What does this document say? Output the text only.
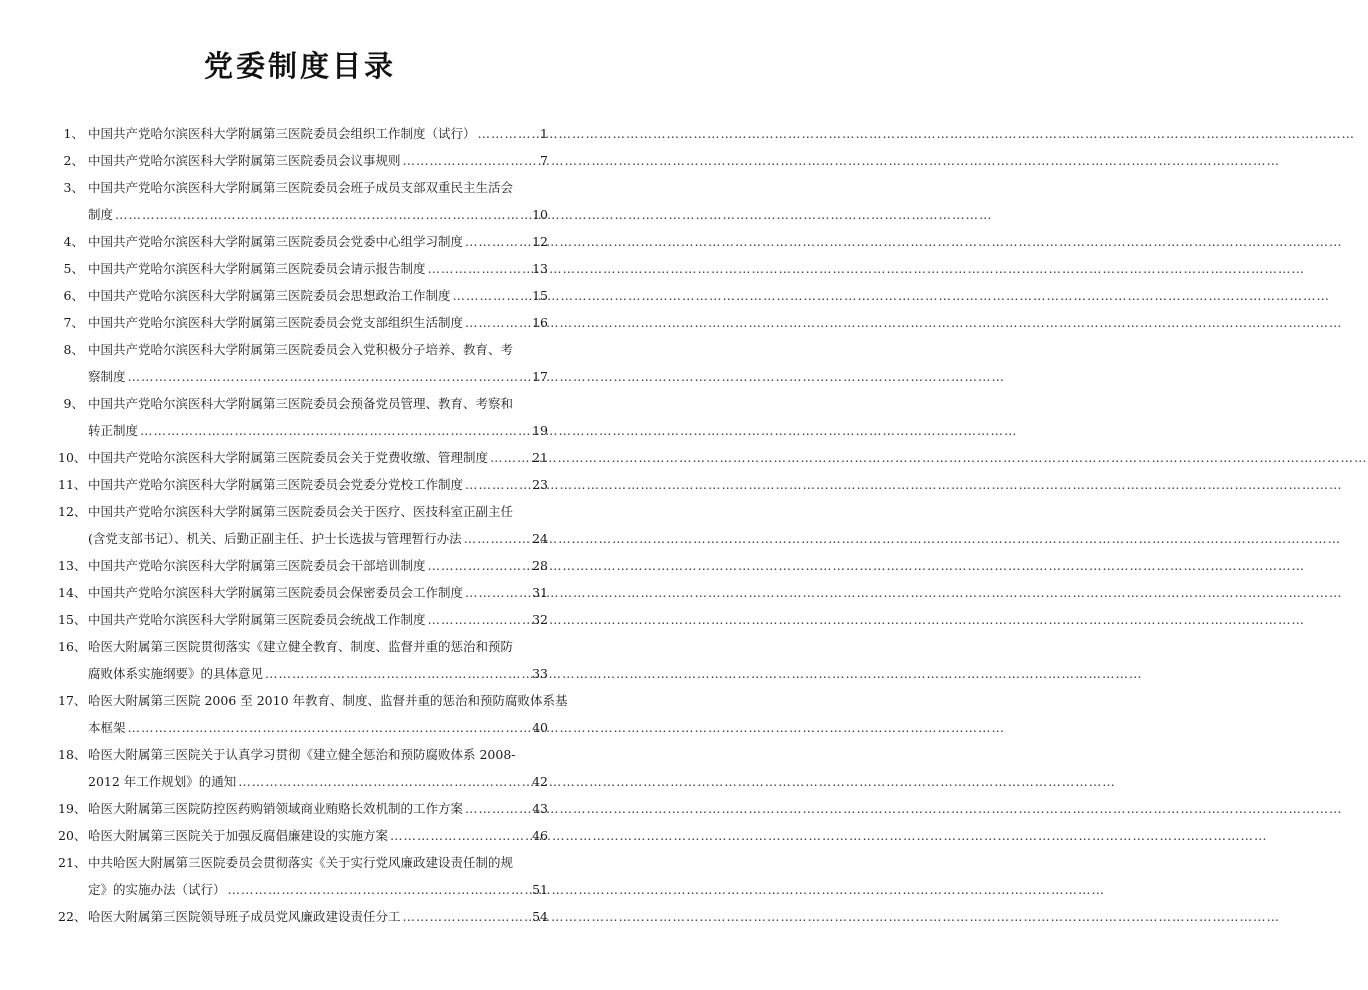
党委制度目录
1、 中国共产党哈尔滨医科大学附属第三医院委员会组织工作制度（试行） ……………………………………………………………………………………………………………………………………………………………………………	1
2、 中国共产党哈尔滨医科大学附属第三医院委员会议事规则 ……………………………………………………………………………………………………………………………………………………………………………	7
3、 中国共产党哈尔滨医科大学附属第三医院委员会班子成员支部双重民主生活会
制度 ……………………………………………………………………………………………………………………………………………………………………………	10
4、 中国共产党哈尔滨医科大学附属第三医院委员会党委中心组学习制度 ……………………………………………………………………………………………………………………………………………………………………………	12
5、 中国共产党哈尔滨医科大学附属第三医院委员会请示报告制度 ……………………………………………………………………………………………………………………………………………………………………………	13
6、 中国共产党哈尔滨医科大学附属第三医院委员会思想政治工作制度 ……………………………………………………………………………………………………………………………………………………………………………	15
7、 中国共产党哈尔滨医科大学附属第三医院委员会党支部组织生活制度 ……………………………………………………………………………………………………………………………………………………………………………	16
8、 中国共产党哈尔滨医科大学附属第三医院委员会入党积极分子培养、教育、考
察制度 ……………………………………………………………………………………………………………………………………………………………………………	17
9、 中国共产党哈尔滨医科大学附属第三医院委员会预备党员管理、教育、考察和
转正制度 ……………………………………………………………………………………………………………………………………………………………………………	19
10、 中国共产党哈尔滨医科大学附属第三医院委员会关于党费收缴、管理制度 ……………………………………………………………………………………………………………………………………………………………………………	21
11、 中国共产党哈尔滨医科大学附属第三医院委员会党委分党校工作制度 ……………………………………………………………………………………………………………………………………………………………………………	23
12、 中国共产党哈尔滨医科大学附属第三医院委员会关于医疗、医技科室正副主任
(含党支部书记）、机关、后勤正副主任、护士长选拔与管理暂行办法 ……………………………………………………………………………………………………………………………………………………………………………	24
13、 中国共产党哈尔滨医科大学附属第三医院委员会干部培训制度 ……………………………………………………………………………………………………………………………………………………………………………	28
14、 中国共产党哈尔滨医科大学附属第三医院委员会保密委员会工作制度 ……………………………………………………………………………………………………………………………………………………………………………	31
15、 中国共产党哈尔滨医科大学附属第三医院委员会统战工作制度 ……………………………………………………………………………………………………………………………………………………………………………	32
16、 哈医大附属第三医院贯彻落实《建立健全教育、制度、监督并重的惩治和预防
腐败体系实施纲要》的具体意见 ……………………………………………………………………………………………………………………………………………………………………………	33
17、 哈医大附属第三医院 2006 至 2010 年教育、制度、监督并重的惩治和预防腐败体系基
本框架 ……………………………………………………………………………………………………………………………………………………………………………	40
18、 哈医大附属第三医院关于认真学习贯彻《建立健全惩治和预防腐败体系 2008-
2012 年工作规划》的通知 ……………………………………………………………………………………………………………………………………………………………………………	42
19、 哈医大附属第三医院防控医药购销领域商业贿赂长效机制的工作方案 ……………………………………………………………………………………………………………………………………………………………………………	43
20、 哈医大附属第三医院关于加强反腐倡廉建设的实施方案 ……………………………………………………………………………………………………………………………………………………………………………	46
21、 中共哈医大附属第三医院委员会贯彻落实《关于实行党风廉政建设责任制的规
定》的实施办法（试行） ……………………………………………………………………………………………………………………………………………………………………………	51
22、 哈医大附属第三医院领导班子成员党风廉政建设责任分工 ……………………………………………………………………………………………………………………………………………………………………………	54
